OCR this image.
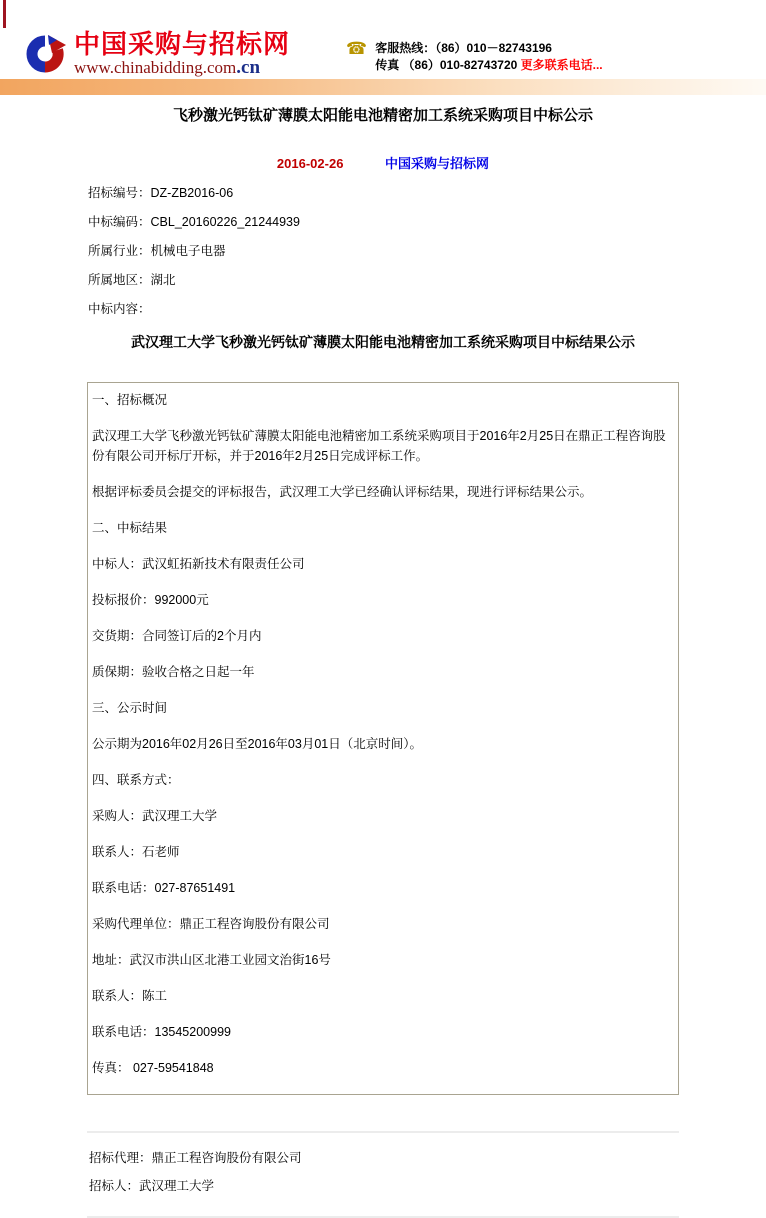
中国采购与招标网
www.chinabidding.com.cn
☎ 客服热线：（86）010－82743196
传真 （86）010-82743720 更多联系电话...
飞秒激光钙钛矿薄膜太阳能电池精密加工系统采购项目中标公示
2016-02-26	中国采购与招标网

招标编号：DZ-ZB2016-06

中标编码：CBL_20160226_21244939

所属行业：机械电子电器

所属地区：湖北

中标内容：

武汉理工大学飞秒激光钙钛矿薄膜太阳能电池精密加工系统采购项目中标结果公示

一、招标概况

武汉理工大学飞秒激光钙钛矿薄膜太阳能电池精密加工系统采购项目于2016年2月25日在鼎正工程咨询股份有限公司开标厅开标，并于2016年2月25日完成评标工作。

根据评标委员会提交的评标报告，武汉理工大学已经确认评标结果，现进行评标结果公示。

二、中标结果

中标人：武汉虹拓新技术有限责任公司

投标报价：992000元

交货期：合同签订后的2个月内

质保期：验收合格之日起一年

三、公示时间

公示期为2016年02月26日至2016年03月01日（北京时间）。

四、联系方式：

采购人：武汉理工大学

联系人：石老师

联系电话：027-87651491

采购代理单位：鼎正工程咨询股份有限公司

地址：武汉市洪山区北港工业园文治街16号

联系人：陈工

联系电话：13545200999

传真： 027-59541848

招标代理：鼎正工程咨询股份有限公司

招标人：武汉理工大学
